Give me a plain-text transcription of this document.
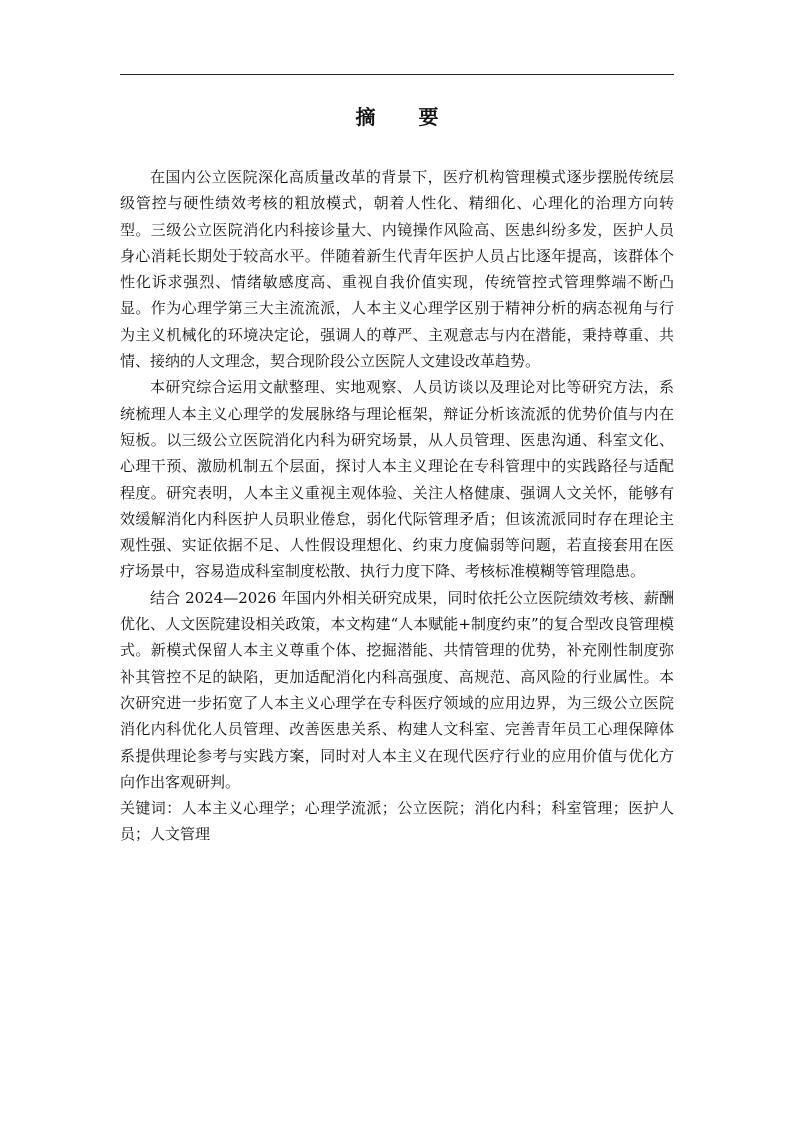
摘 要

在国内公立医院深化高质量改革的背景下，医疗机构管理模式逐步摆脱传统层级管控与硬性绩效考核的粗放模式，朝着人性化、精细化、心理化的治理方向转型。三级公立医院消化内科接诊量大、内镜操作风险高、医患纠纷多发，医护人员身心消耗长期处于较高水平。伴随着新生代青年医护人员占比逐年提高，该群体个性化诉求强烈、情绪敏感度高、重视自我价值实现，传统管控式管理弊端不断凸显。作为心理学第三大主流流派，人本主义心理学区别于精神分析的病态视角与行为主义机械化的环境决定论，强调人的尊严、主观意志与内在潜能，秉持尊重、共情、接纳的人文理念，契合现阶段公立医院人文建设改革趋势。

本研究综合运用文献整理、实地观察、人员访谈以及理论对比等研究方法，系统梳理人本主义心理学的发展脉络与理论框架，辩证分析该流派的优势价值与内在短板。以三级公立医院消化内科为研究场景，从人员管理、医患沟通、科室文化、心理干预、激励机制五个层面，探讨人本主义理论在专科管理中的实践路径与适配程度。研究表明，人本主义重视主观体验、关注人格健康、强调人文关怀，能够有效缓解消化内科医护人员职业倦怠，弱化代际管理矛盾；但该流派同时存在理论主观性强、实证依据不足、人性假设理想化、约束力度偏弱等问题，若直接套用在医疗场景中，容易造成科室制度松散、执行力度下降、考核标准模糊等管理隐患。

结合 2024—2026 年国内外相关研究成果，同时依托公立医院绩效考核、薪酬优化、人文医院建设相关政策，本文构建“人本赋能+制度约束”的复合型改良管理模式。新模式保留人本主义尊重个体、挖掘潜能、共情管理的优势，补充刚性制度弥补其管控不足的缺陷，更加适配消化内科高强度、高规范、高风险的行业属性。本次研究进一步拓宽了人本主义心理学在专科医疗领域的应用边界，为三级公立医院消化内科优化人员管理、改善医患关系、构建人文科室、完善青年员工心理保障体系提供理论参考与实践方案，同时对人本主义在现代医疗行业的应用价值与优化方向作出客观研判。

关键词：人本主义心理学；心理学流派；公立医院；消化内科；科室管理；医护人员；人文管理
